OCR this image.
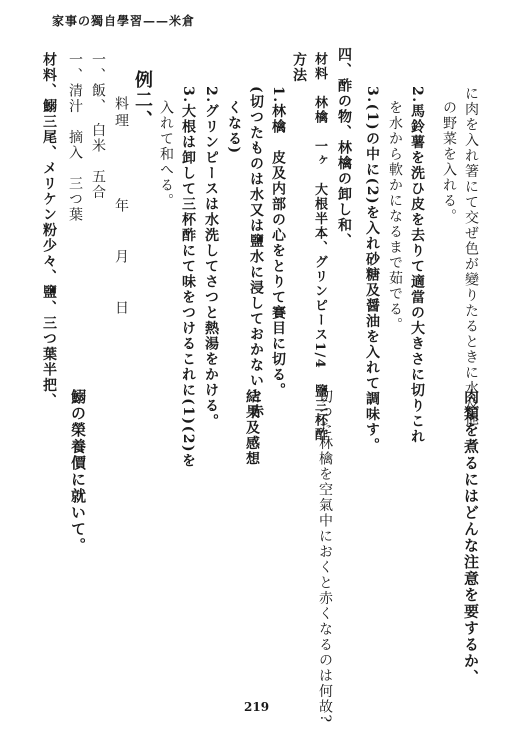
家事の獨自學習——米倉
に肉を入れ箸にて交ぜ色が變りたるときに水及他
の野菜を入れる。
2.馬鈴薯を洗ひ皮を去りて適當の大きさに切りこれ
を水から軟かになるまで茹でる。
3.(1)の中に(2)を入れ砂糖及醤油を入れて調味す。
四、酢の物、林檎の卸し和、
材料　林檎　一ヶ　大根半本、グリンピース1/4　鹽三杯酢
方法
1.林檎　皮及内部の心をとりて賽目に切る。
(切つたものは水又は鹽水に浸しておかないと赤
くなる)
2.グリンピースは水洗してさつと熱湯をかける。
3.大根は卸して三杯酢にて味をつけるこれに(1)(2)を
入れて和へる。
例二、
料理　　　　年　　月　　日
一、飯、　白米　五合
一、清汁　摘入　三つ葉
材料、鰯三尾、メリケン粉少々、鹽、三つ葉半把、
肉類を煮るにはどんな注意を要するか、
切つた林檎を空氣中におくと赤くなるのは何故?
結果及感想
鰯の榮養價に就いて。
219
